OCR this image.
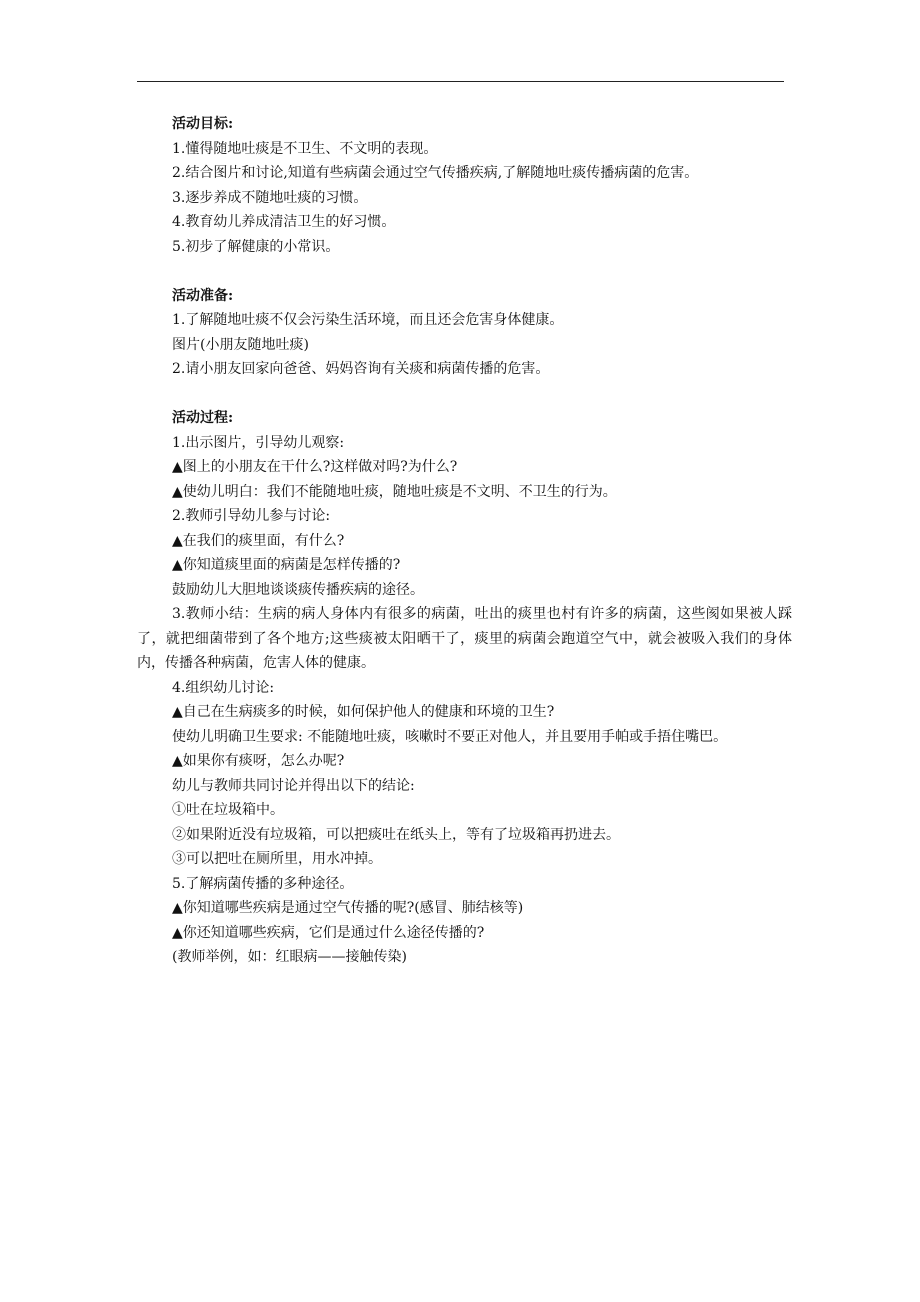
活动目标:
1.懂得随地吐痰是不卫生、不文明的表现。
2.结合图片和讨论,知道有些病菌会通过空气传播疾病,了解随地吐痰传播病菌的危害。
3.逐步养成不随地吐痰的习惯。
4.教育幼儿养成清洁卫生的好习惯。
5.初步了解健康的小常识。
活动准备:
1.了解随地吐痰不仅会污染生活环境，而且还会危害身体健康。
图片(小朋友随地吐痰)
2.请小朋友回家向爸爸、妈妈咨询有关痰和病菌传播的危害。
活动过程:
1.出示图片，引导幼儿观察:
▲图上的小朋友在干什么?这样做对吗?为什么?
▲使幼儿明白：我们不能随地吐痰，随地吐痰是不文明、不卫生的行为。
2.教师引导幼儿参与讨论:
▲在我们的痰里面，有什么?
▲你知道痰里面的病菌是怎样传播的?
鼓励幼儿大胆地谈谈痰传播疾病的途径。
3.教师小结：生病的病人身体内有很多的病菌，吐出的痰里也村有许多的病菌，这些阂如果被人踩了，就把细菌带到了各个地方;这些痰被太阳晒干了，痰里的病菌会跑道空气中，就会被吸入我们的身体内，传播各种病菌，危害人体的健康。
4.组织幼儿讨论:
▲自己在生病痰多的时候，如何保护他人的健康和环境的卫生?
使幼儿明确卫生要求: 不能随地吐痰，咳嗽时不要正对他人，并且要用手帕或手捂住嘴巴。
▲如果你有痰呀，怎么办呢?
幼儿与教师共同讨论并得出以下的结论:
①吐在垃圾箱中。
②如果附近没有垃圾箱，可以把痰吐在纸头上，等有了垃圾箱再扔进去。
③可以把吐在厕所里，用水冲掉。
5.了解病菌传播的多种途径。
▲你知道哪些疾病是通过空气传播的呢?(感冒、肺结核等)
▲你还知道哪些疾病，它们是通过什么途径传播的?
(教师举例，如：红眼病——接触传染)
